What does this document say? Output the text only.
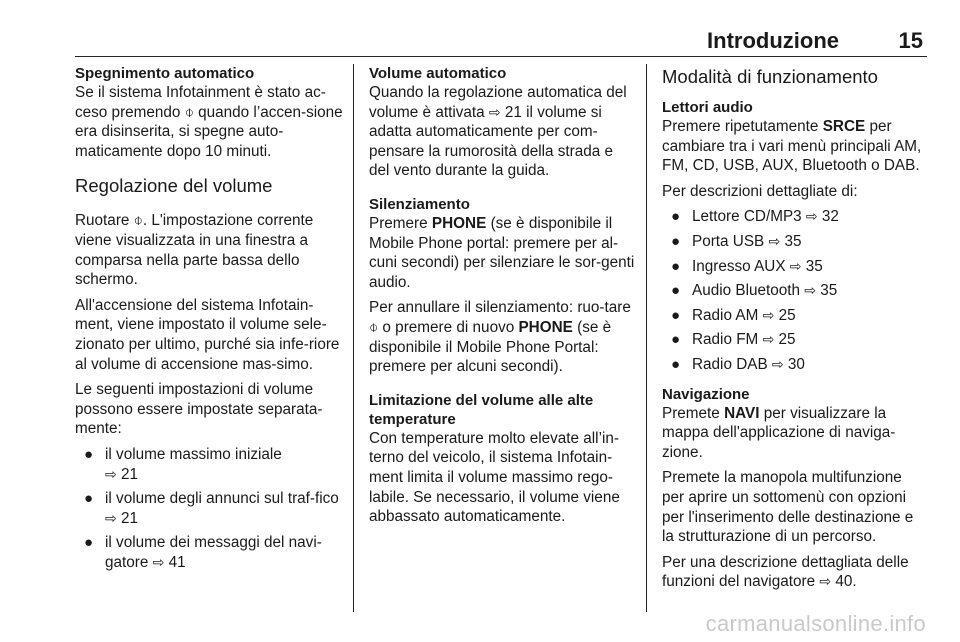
Introduzione	15
Spegnimento automatico

Se il sistema Infotainment è stato ac-ceso premendo ⌽ quando l’accen-sione era disinserita, si spegne auto-maticamente dopo 10 minuti.

Regolazione del volume

Ruotare ⌽. L'impostazione corrente viene visualizzata in una finestra a comparsa nella parte bassa dello schermo.

All'accensione del sistema Infotain-ment, viene impostato il volume sele-zionato per ultimo, purché sia infe-riore al volume di accensione mas-simo.

Le seguenti impostazioni di volume possono essere impostate separata-mente:

● il volume massimo iniziale
⇨ 21
● il volume degli annunci sul traf-fico ⇨ 21
● il volume dei messaggi del navi-gatore ⇨ 41
Volume automatico

Quando la regolazione automatica del volume è attivata ⇨ 21 il volume si adatta automaticamente per com-pensare la rumorosità della strada e del vento durante la guida.

Silenziamento

Premere PHONE (se è disponibile il Mobile Phone portal: premere per al-cuni secondi) per silenziare le sor-genti audio.

Per annullare il silenziamento: ruo-tare ⌽ o premere di nuovo PHONE (se è disponibile il Mobile Phone Portal: premere per alcuni secondi).

Limitazione del volume alle alte temperature

Con temperature molto elevate all’in-terno del veicolo, il sistema Infotain-ment limita il volume massimo rego-labile. Se necessario, il volume viene abbassato automaticamente.

Modalità di funzionamento
Lettori audio

Premere ripetutamente SRCE per cambiare tra i vari menù principali AM, FM, CD, USB, AUX, Bluetooth o DAB.

Per descrizioni dettagliate di:

● Lettore CD/MP3 ⇨ 32
● Porta USB ⇨ 35
● Ingresso AUX ⇨ 35
● Audio Bluetooth ⇨ 35
● Radio AM ⇨ 25
● Radio FM ⇨ 25
● Radio DAB ⇨ 30
Navigazione

Premete NAVI per visualizzare la mappa dell'applicazione di naviga-zione.

Premete la manopola multifunzione per aprire un sottomenù con opzioni per l'inserimento delle destinazione e la strutturazione di un percorso.

Per una descrizione dettagliata delle funzioni del navigatore ⇨ 40.

carmanualsonline.info
